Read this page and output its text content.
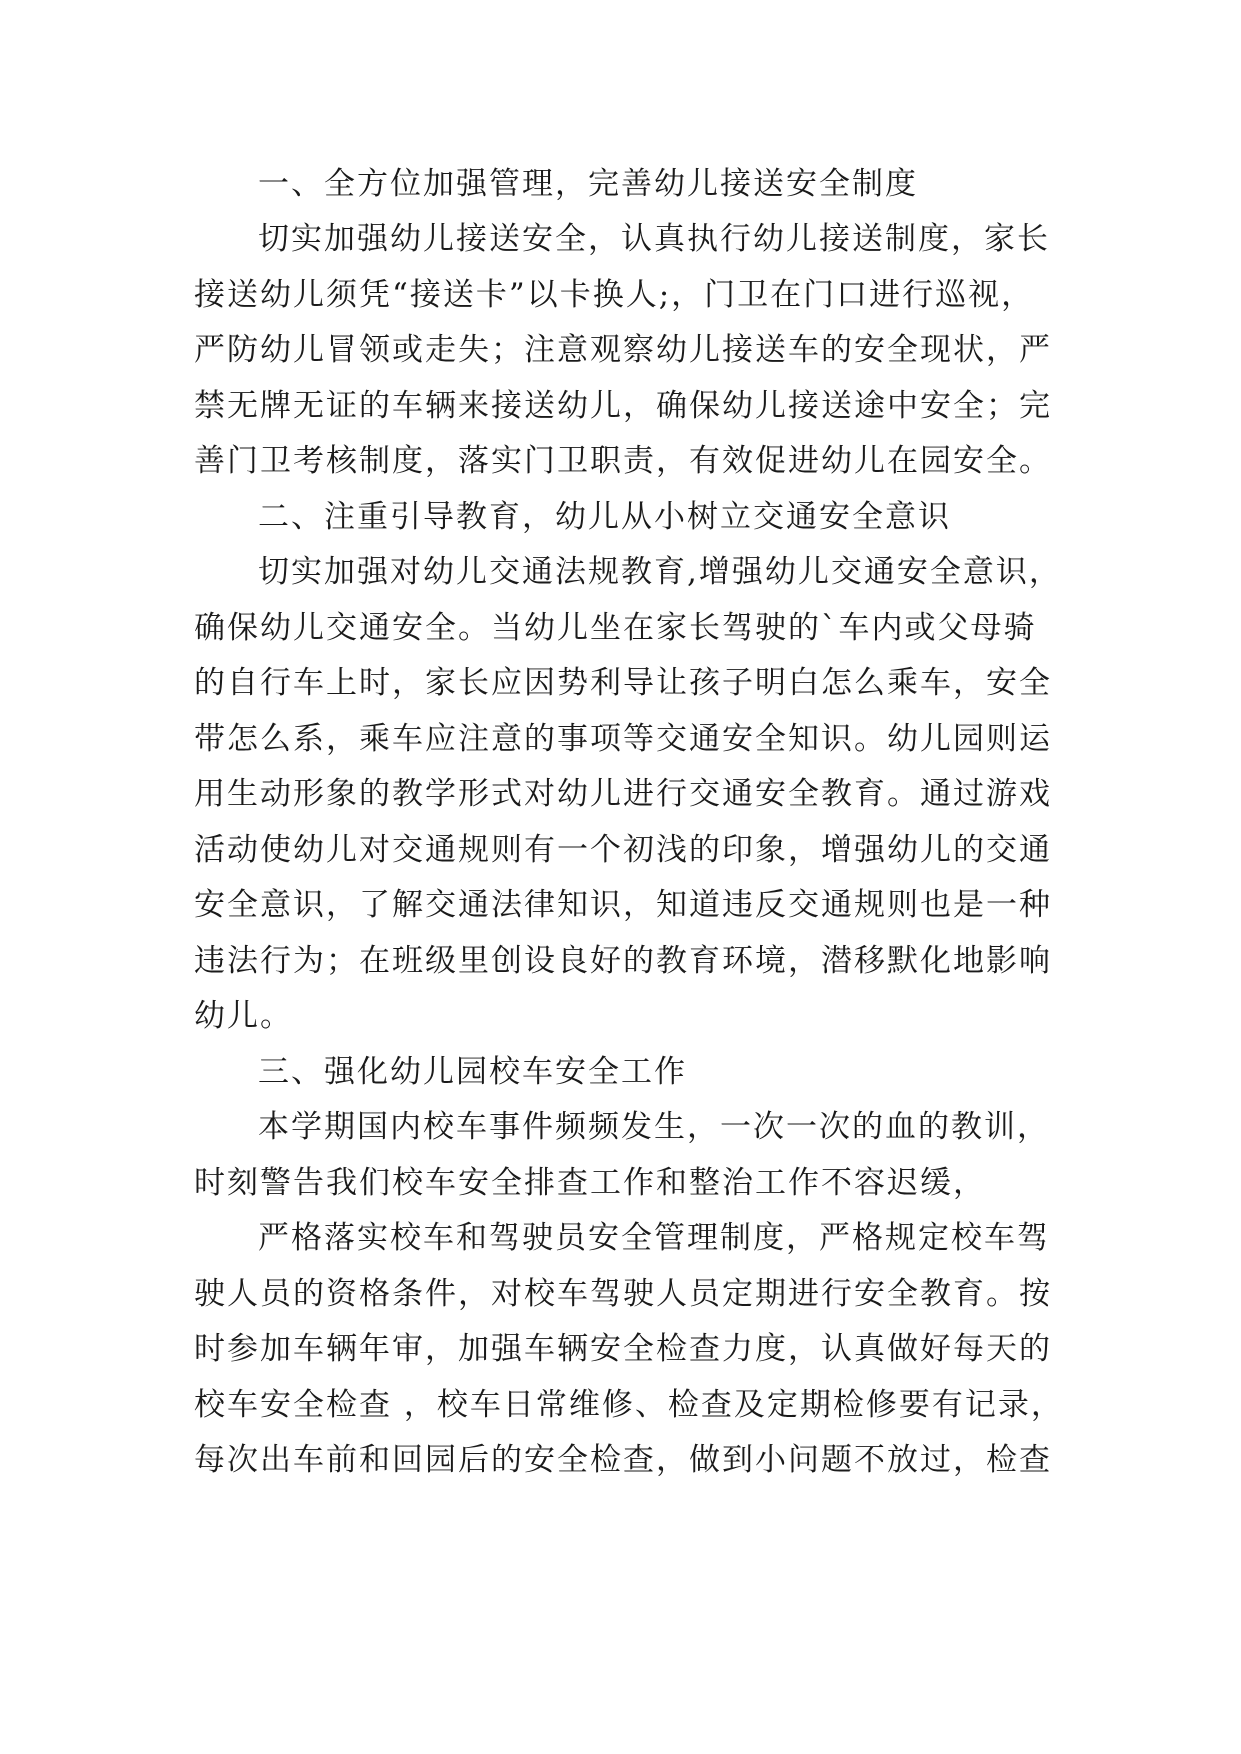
一、全方位加强管理，完善幼儿接送安全制度
切实加强幼儿接送安全，认真执行幼儿接送制度，家长
接送幼儿须凭“接送卡”以卡换人;，门卫在门口进行巡视，
严防幼儿冒领或走失；注意观察幼儿接送车的安全现状，严
禁无牌无证的车辆来接送幼儿，确保幼儿接送途中安全；完
善门卫考核制度，落实门卫职责，有效促进幼儿在园安全。
二、注重引导教育，幼儿从小树立交通安全意识
切实加强对幼儿交通法规教育,增强幼儿交通安全意识，
确保幼儿交通安全。当幼儿坐在家长驾驶的`车内或父母骑
的自行车上时，家长应因势利导让孩子明白怎么乘车，安全
带怎么系，乘车应注意的事项等交通安全知识。幼儿园则运
用生动形象的教学形式对幼儿进行交通安全教育。通过游戏
活动使幼儿对交通规则有一个初浅的印象，增强幼儿的交通
安全意识，了解交通法律知识，知道违反交通规则也是一种
违法行为；在班级里创设良好的教育环境，潜移默化地影响
幼儿。
三、强化幼儿园校车安全工作
本学期国内校车事件频频发生，一次一次的血的教训，
时刻警告我们校车安全排查工作和整治工作不容迟缓，
严格落实校车和驾驶员安全管理制度，严格规定校车驾
驶人员的资格条件，对校车驾驶人员定期进行安全教育。按
时参加车辆年审，加强车辆安全检查力度，认真做好每天的
校车安全检查 ，校车日常维修、检查及定期检修要有记录，
每次出车前和回园后的安全检查，做到小问题不放过，检查
